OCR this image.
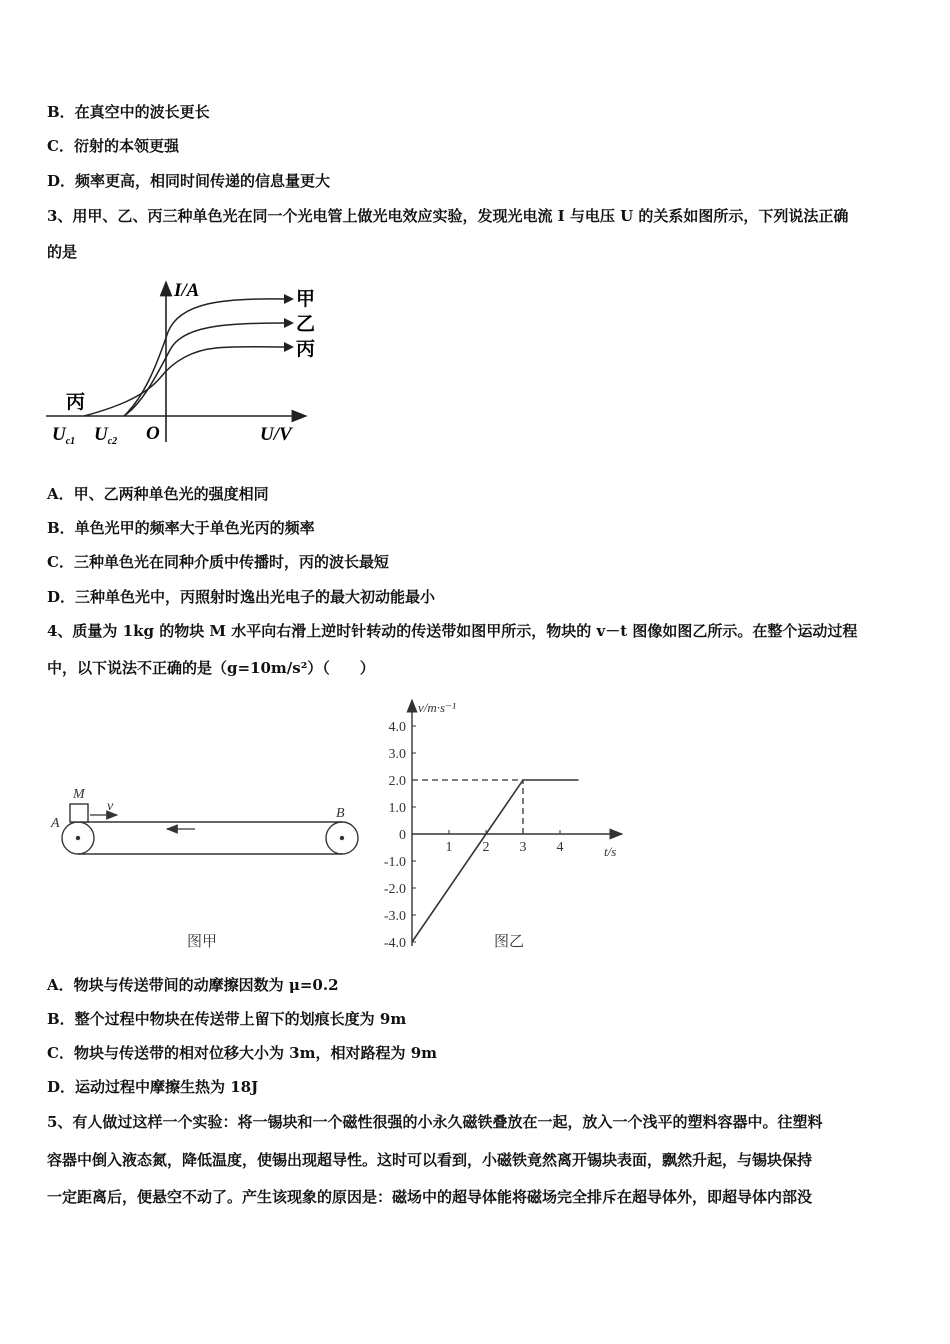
B．在真空中的波长更长
C．衍射的本领更强
D．频率更高，相同时间传递的信息量更大
3、用甲、乙、丙三种单色光在同一个光电管上做光电效应实验，发现光电流 I 与电压 U 的关系如图所示，下列说法正确
的是
I/A	甲
乙
丙
丙
$U_{c1}$ $U_{c2}$ O	U/V
A．甲、乙两种单色光的强度相同
B．单色光甲的频率大于单色光丙的频率
C．三种单色光在同种介质中传播时，丙的波长最短
D．三种单色光中，丙照射时逸出光电子的最大初动能最小
4、质量为 1kg 的物块 M 水平向右滑上逆时针转动的传送带如图甲所示，物块的 v－t 图像如图乙所示。在整个运动过程
中，以下说法不正确的是（g=10m/s²）（　　）
M
v
A
B
图甲
4.0
3.0
2.0
1.0
0
-1.0
-2.0
-3.0
-4.0
1 2 3 4
v/m·s⁻¹
t/s
图乙
A．物块与传送带间的动摩擦因数为 μ=0.2
B．整个过程中物块在传送带上留下的划痕长度为 9m
C．物块与传送带的相对位移大小为 3m，相对路程为 9m
D．运动过程中摩擦生热为 18J
5、有人做过这样一个实验：将一锡块和一个磁性很强的小永久磁铁叠放在一起，放入一个浅平的塑料容器中。往塑料
容器中倒入液态氮，降低温度，使锡出现超导性。这时可以看到，小磁铁竟然离开锡块表面，飘然升起，与锡块保持
一定距离后，便悬空不动了。产生该现象的原因是：磁场中的超导体能将磁场完全排斥在超导体外，即超导体内部没
